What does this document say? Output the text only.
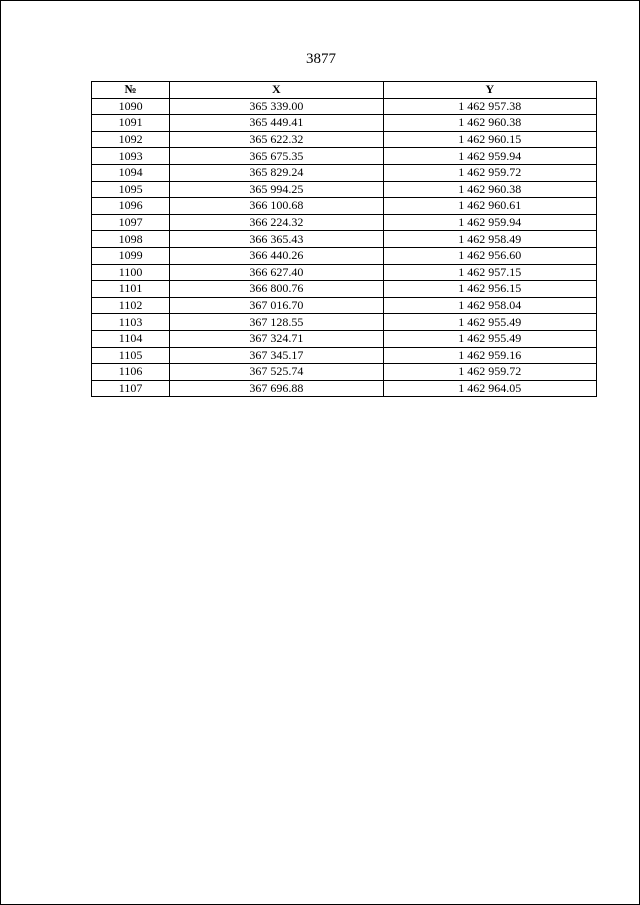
3877
№	X	Y
1090	365 339.00	1 462 957.38
1091	365 449.41	1 462 960.38
1092	365 622.32	1 462 960.15
1093	365 675.35	1 462 959.94
1094	365 829.24	1 462 959.72
1095	365 994.25	1 462 960.38
1096	366 100.68	1 462 960.61
1097	366 224.32	1 462 959.94
1098	366 365.43	1 462 958.49
1099	366 440.26	1 462 956.60
1100	366 627.40	1 462 957.15
1101	366 800.76	1 462 956.15
1102	367 016.70	1 462 958.04
1103	367 128.55	1 462 955.49
1104	367 324.71	1 462 955.49
1105	367 345.17	1 462 959.16
1106	367 525.74	1 462 959.72
1107	367 696.88	1 462 964.05
